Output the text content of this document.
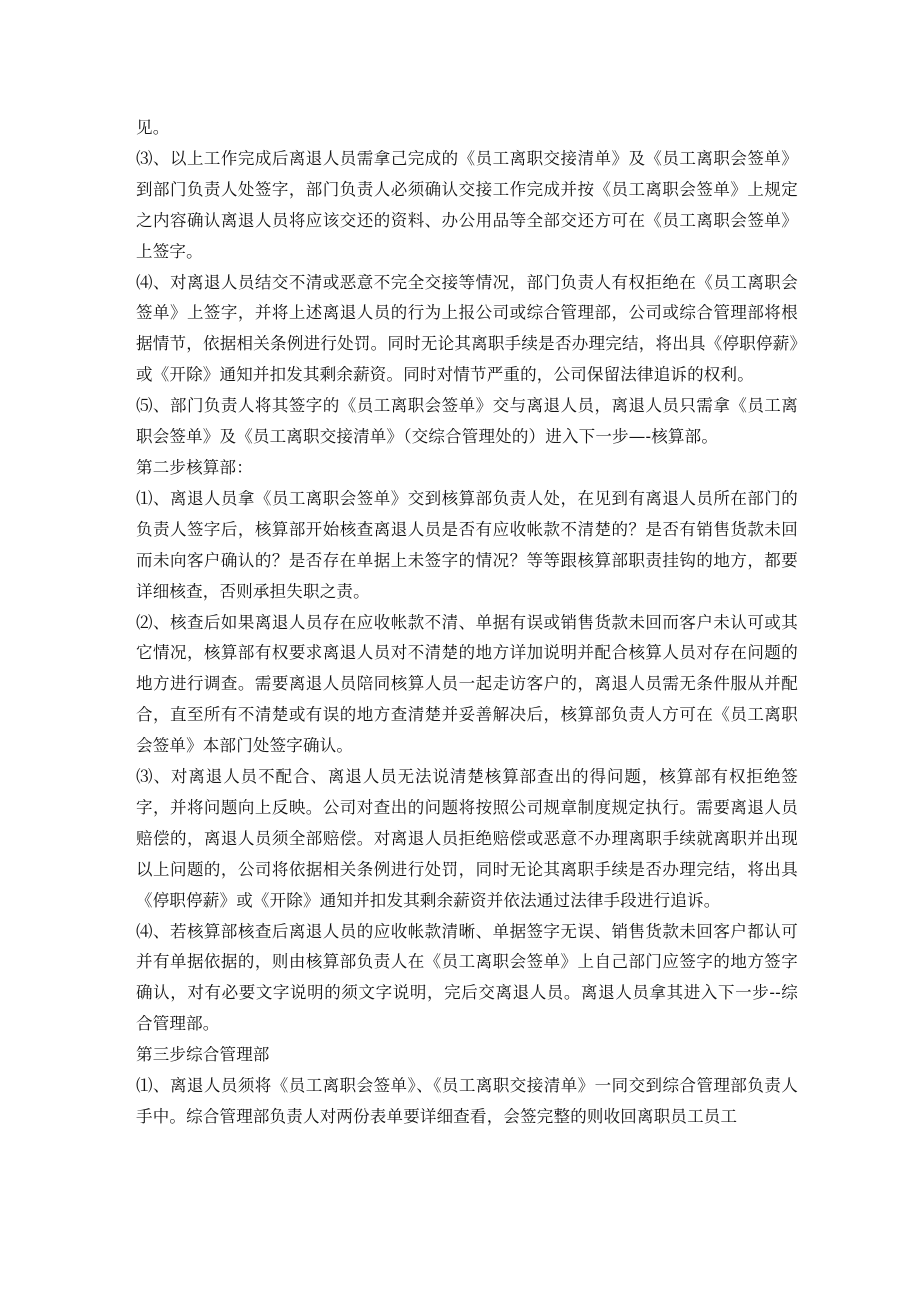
见。

⑶、以上工作完成后离退人员需拿己完成的《员工离职交接清单》及《员工离职会签单》到部门负责人处签字，部门负责人必须确认交接工作完成并按《员工离职会签单》上规定之内容确认离退人员将应该交还的资料、办公用品等全部交还方可在《员工离职会签单》上签字。

⑷、对离退人员结交不清或恶意不完全交接等情况，部门负责人有权拒绝在《员工离职会签单》上签字，并将上述离退人员的行为上报公司或综合管理部，公司或综合管理部将根据情节，依据相关条例进行处罚。同时无论其离职手续是否办理完结，将出具《停职停薪》或《开除》通知并扣发其剩余薪资。同时对情节严重的，公司保留法律追诉的权利。

⑸、部门负责人将其签字的《员工离职会签单》交与离退人员，离退人员只需拿《员工离职会签单》及《员工离职交接清单》（交综合管理处的）进入下一步—-核算部。

第二步核算部：

⑴、离退人员拿《员工离职会签单》交到核算部负责人处，在见到有离退人员所在部门的负责人签字后，核算部开始核查离退人员是否有应收帐款不清楚的？是否有销售货款未回而未向客户确认的？是否存在单据上未签字的情况？等等跟核算部职责挂钩的地方，都要详细核查，否则承担失职之责。

⑵、核查后如果离退人员存在应收帐款不清、单据有误或销售货款未回而客户未认可或其它情况，核算部有权要求离退人员对不清楚的地方详加说明并配合核算人员对存在问题的地方进行调查。需要离退人员陪同核算人员一起走访客户的，离退人员需无条件服从并配合，直至所有不清楚或有误的地方查清楚并妥善解决后，核算部负责人方可在《员工离职会签单》本部门处签字确认。

⑶、对离退人员不配合、离退人员无法说清楚核算部查出的得问题，核算部有权拒绝签字，并将问题向上反映。公司对查出的问题将按照公司规章制度规定执行。需要离退人员赔偿的，离退人员须全部赔偿。对离退人员拒绝赔偿或恶意不办理离职手续就离职并出现以上问题的，公司将依据相关条例进行处罚，同时无论其离职手续是否办理完结，将出具《停职停薪》或《开除》通知并扣发其剩余薪资并依法通过法律手段进行追诉。

⑷、若核算部核查后离退人员的应收帐款清晰、单据签字无误、销售货款未回客户都认可并有单据依据的，则由核算部负责人在《员工离职会签单》上自己部门应签字的地方签字确认，对有必要文字说明的须文字说明，完后交离退人员。离退人员拿其进入下一步--综合管理部。

第三步综合管理部

⑴、离退人员须将《员工离职会签单》、《员工离职交接清单》一同交到综合管理部负责人手中。综合管理部负责人对两份表单要详细查看，会签完整的则收回离职员工员工
